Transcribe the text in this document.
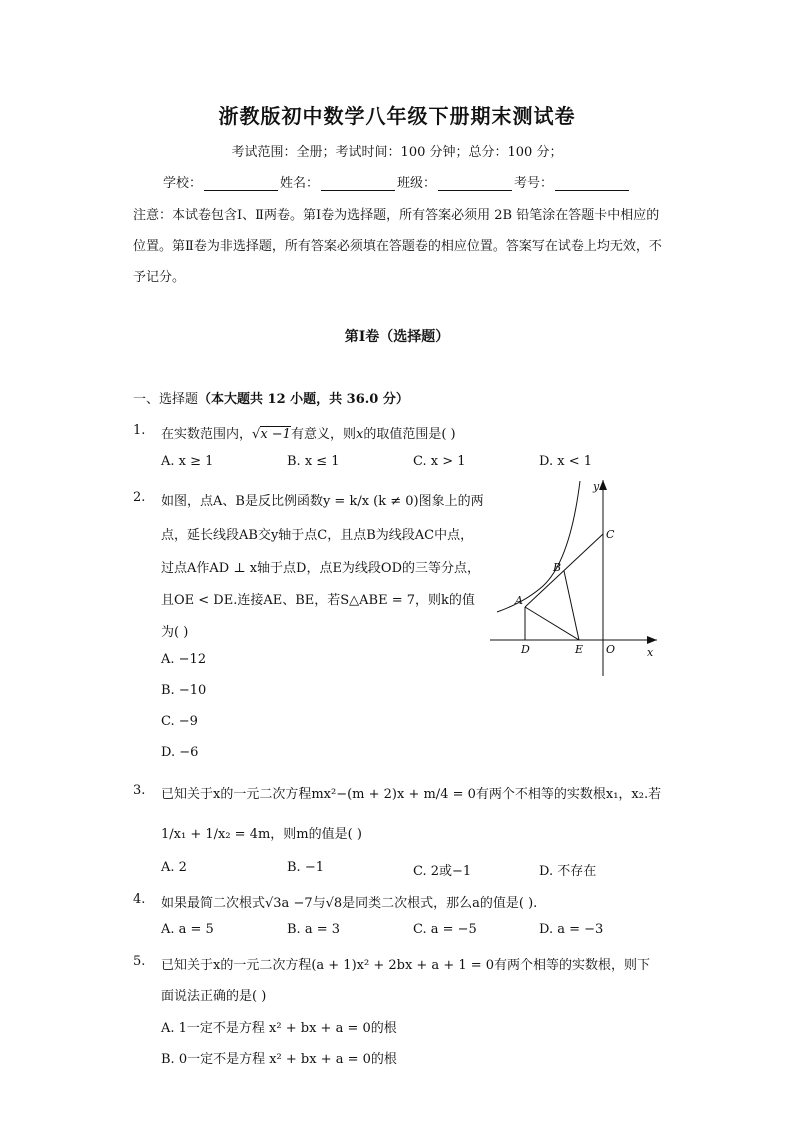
浙教版初中数学八年级下册期末测试卷
考试范围：全册；考试时间：100 分钟；总分：100 分；
学校：	姓名：	班级：	考号：
注意：本试卷包含Ⅰ、Ⅱ两卷。第Ⅰ卷为选择题，所有答案必须用 2B 铅笔涂在答题卡中相应的位置。第Ⅱ卷为非选择题，所有答案必须填在答题卷的相应位置。答案写在试卷上均无效，不予记分。
第Ⅰ卷（选择题）
一、选择题（本大题共 12 小题，共 36.0 分）
1. 在实数范围内，√x −1有意义，则x的取值范围是( )
A. x ≥ 1	B. x ≤ 1	C. x > 1	D. x < 1
2. 如图，点A、B是反比例函数y = k/x (k ≠ 0)图象上的两
点，延长线段AB交y轴于点C，且点B为线段AC中点，
过点A作AD ⊥ x轴于点D，点E为线段OD的三等分点，
且OE < DE.连接AE、BE，若S△ABE = 7，则k的值
为( )
A. −12
B. −10
C. −9
D. −6
y
x
C
B
A
D	E O
3. 已知关于x的一元二次方程mx²−(m + 2)x + m/4 = 0有两个不相等的实数根x₁，x₂.若
1/x₁ + 1/x₂ = 4m，则m的值是( )
A. 2	B. −1	C. 2或−1	D. 不存在
4. 如果最简二次根式√3a −7与√8是同类二次根式，那么a的值是( ).
A. a = 5	B. a = 3	C. a = −5	D. a = −3
5. 已知关于x的一元二次方程(a + 1)x² + 2bx + a + 1 = 0有两个相等的实数根，则下
面说法正确的是( )
A. 1一定不是方程 x² + bx + a = 0的根
B. 0一定不是方程 x² + bx + a = 0的根
